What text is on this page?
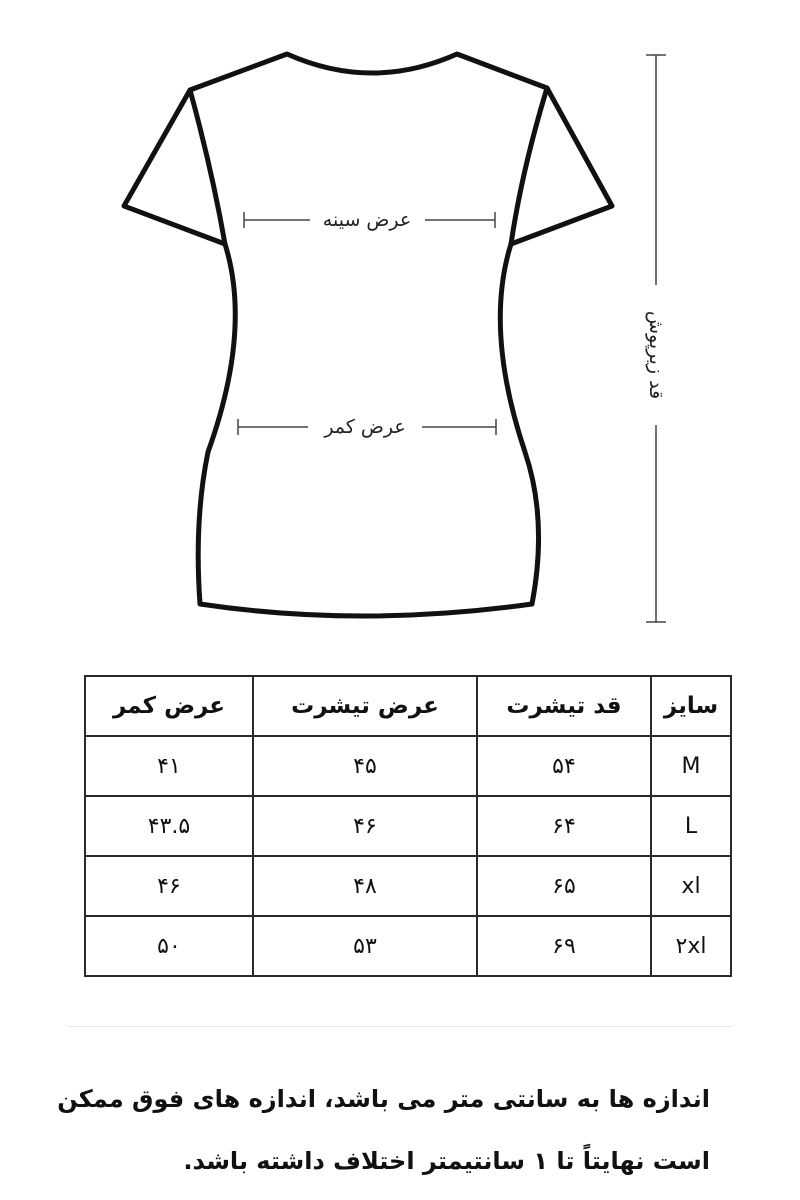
عرض سینه
عرض کمر
قد زیرپوش
سایز	قد تیشرت	عرض تیشرت	عرض کمر
M	۵۴	۴۵	۴۱
L	۶۴	۴۶	۴۳.۵
xl	۶۵	۴۸	۴۶
۲xl	۶۹	۵۳	۵۰
اندازه ها به سانتی متر می باشد، اندازه های فوق ممکن
است نهایتاً تا ۱ سانتیمتر اختلاف داشته باشد.
